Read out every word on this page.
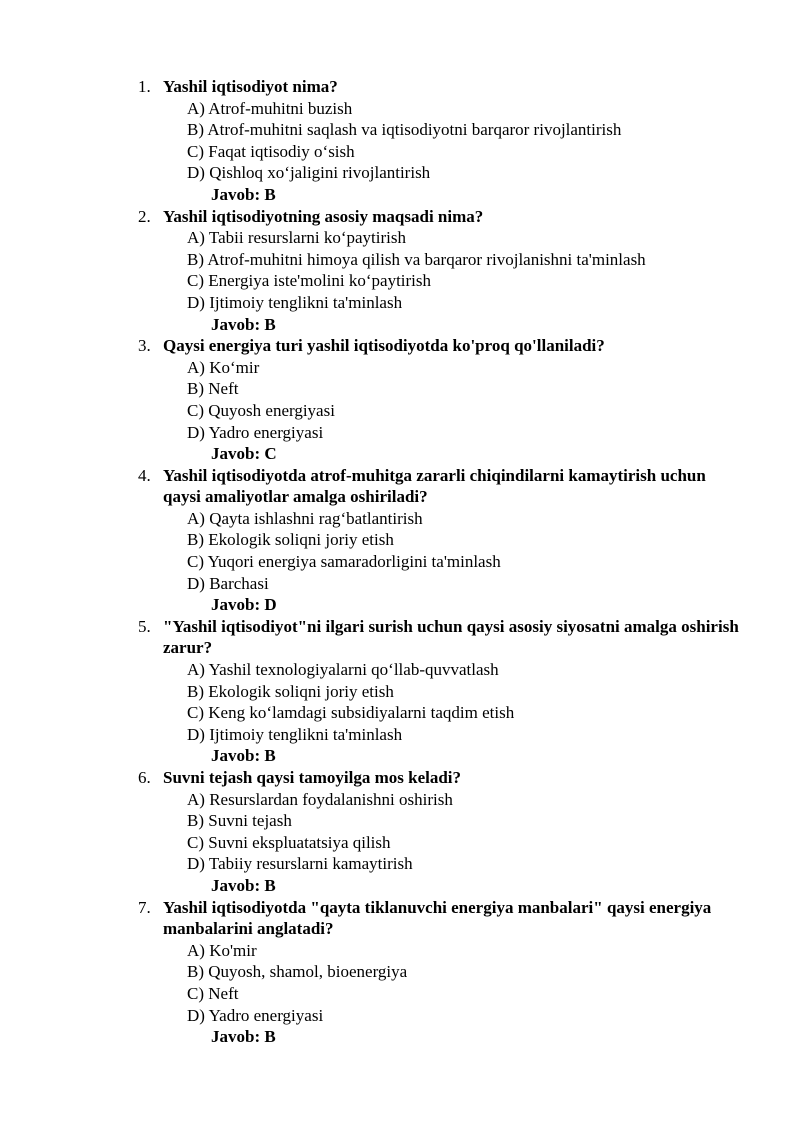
1. Yashil iqtisodiyot nima?
A) Atrof-muhitni buzish
B) Atrof-muhitni saqlash va iqtisodiyotni barqaror rivojlantirish
C) Faqat iqtisodiy o‘sish
D) Qishloq xo‘jaligini rivojlantirish
Javob: B
2. Yashil iqtisodiyotning asosiy maqsadi nima?
A) Tabii resurslarni ko‘paytirish
B) Atrof-muhitni himoya qilish va barqaror rivojlanishni ta'minlash
C) Energiya iste'molini ko‘paytirish
D) Ijtimoiy tenglikni ta'minlash
Javob: B
3. Qaysi energiya turi yashil iqtisodiyotda ko'proq qo'llaniladi?
A) Ko‘mir
B) Neft
C) Quyosh energiyasi
D) Yadro energiyasi
Javob: C
4. Yashil iqtisodiyotda atrof-muhitga zararli chiqindilarni kamaytirish uchun qaysi amaliyotlar amalga oshiriladi?
A) Qayta ishlashni rag‘batlantirish
B) Ekologik soliqni joriy etish
C) Yuqori energiya samaradorligini ta'minlash
D) Barchasi
Javob: D
5. "Yashil iqtisodiyot"ni ilgari surish uchun qaysi asosiy siyosatni amalga oshirish zarur?
A) Yashil texnologiyalarni qo‘llab-quvvatlash
B) Ekologik soliqni joriy etish
C) Keng ko‘lamdagi subsidiyalarni taqdim etish
D) Ijtimoiy tenglikni ta'minlash
Javob: B
6. Suvni tejash qaysi tamoyilga mos keladi?
A) Resurslardan foydalanishni oshirish
B) Suvni tejash
C) Suvni ekspluatatsiya qilish
D) Tabiiy resurslarni kamaytirish
Javob: B
7. Yashil iqtisodiyotda "qayta tiklanuvchi energiya manbalari" qaysi energiya manbalarini anglatadi?
A) Ko'mir
B) Quyosh, shamol, bioenergiya
C) Neft
D) Yadro energiyasi
Javob: B
